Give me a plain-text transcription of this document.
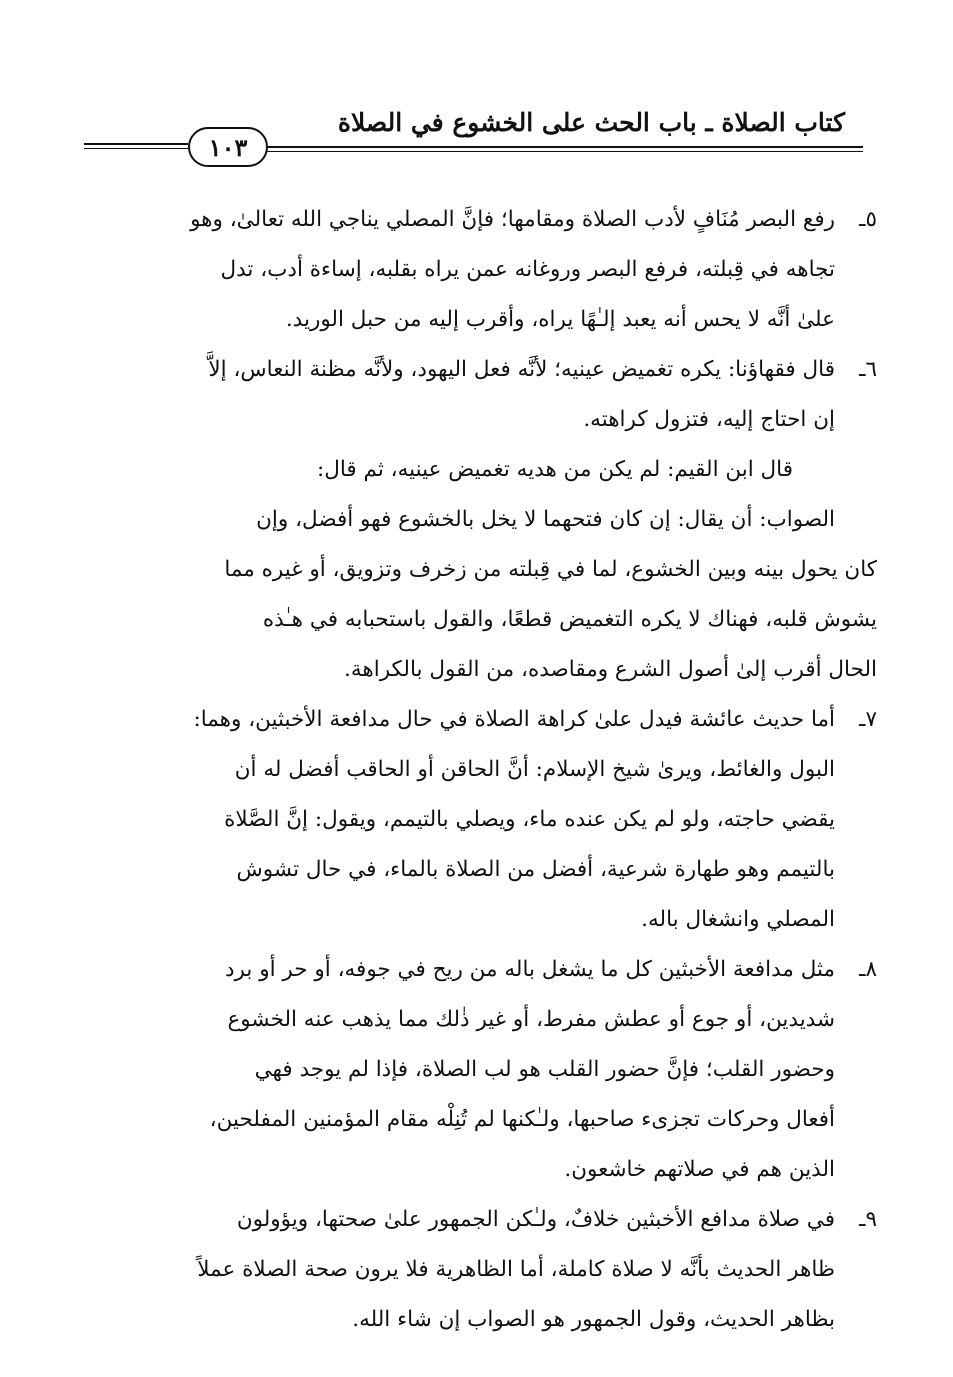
كتاب الصلاة ـ باب الحث على الخشوع في الصلاة
١٠٣
٥ـ
رفع البصر مُنَافٍ لأدب الصلاة ومقامها؛ فإنَّ المصلي يناجي الله تعالىٰ، وهو
تجاهه في قِبلته، فرفع البصر وروغانه عمن يراه بقلبه، إساءة أدب، تدل
علىٰ أنَّه لا يحس أنه يعبد إلـٰهًا يراه، وأقرب إليه من حبل الوريد.
٦ـ
قال فقهاؤنا: يكره تغميض عينيه؛ لأنَّه فعل اليهود، ولأنَّه مظنة النعاس، إلاَّ
إن احتاج إليه، فتزول كراهته.
قال ابن القيم: لم يكن من هديه تغميض عينيه، ثم قال:
الصواب: أن يقال: إن كان فتحهما لا يخل بالخشوع فهو أفضل، وإن
كان يحول بينه وبين الخشوع، لما في قِبلته من زخرف وتزويق، أو غيره مما
يشوش قلبه، فهناك لا يكره التغميض قطعًا، والقول باستحبابه في هـٰذه
الحال أقرب إلىٰ أصول الشرع ومقاصده، من القول بالكراهة.
٧ـ
أما حديث عائشة فيدل علىٰ كراهة الصلاة في حال مدافعة الأخبثين، وهما:
البول والغائط، ويرىٰ شيخ الإسلام: أنَّ الحاقن أو الحاقب أفضل له أن
يقضي حاجته، ولو لم يكن عنده ماء، ويصلي بالتيمم، ويقول: إنَّ الصَّلاة
بالتيمم وهو طهارة شرعية، أفضل من الصلاة بالماء، في حال تشوش
المصلي وانشغال باله.
٨ـ
مثل مدافعة الأخبثين كل ما يشغل باله من ريح في جوفه، أو حر أو برد
شديدين، أو جوع أو عطش مفرط، أو غير ذٰلك مما يذهب عنه الخشوع
وحضور القلب؛ فإنَّ حضور القلب هو لب الصلاة، فإذا لم يوجد فهي
أفعال وحركات تجزىء صاحبها، ولـٰكنها لم تُنِلْه مقام المؤمنين المفلحين،
الذين هم في صلاتهم خاشعون.
٩ـ
في صلاة مدافع الأخبثين خلافٌ، ولـٰكن الجمهور علىٰ صحتها، ويؤولون
ظاهر الحديث بأنَّه لا صلاة كاملة، أما الظاهرية فلا يرون صحة الصلاة عملاً
بظاهر الحديث، وقول الجمهور هو الصواب إن شاء الله.
